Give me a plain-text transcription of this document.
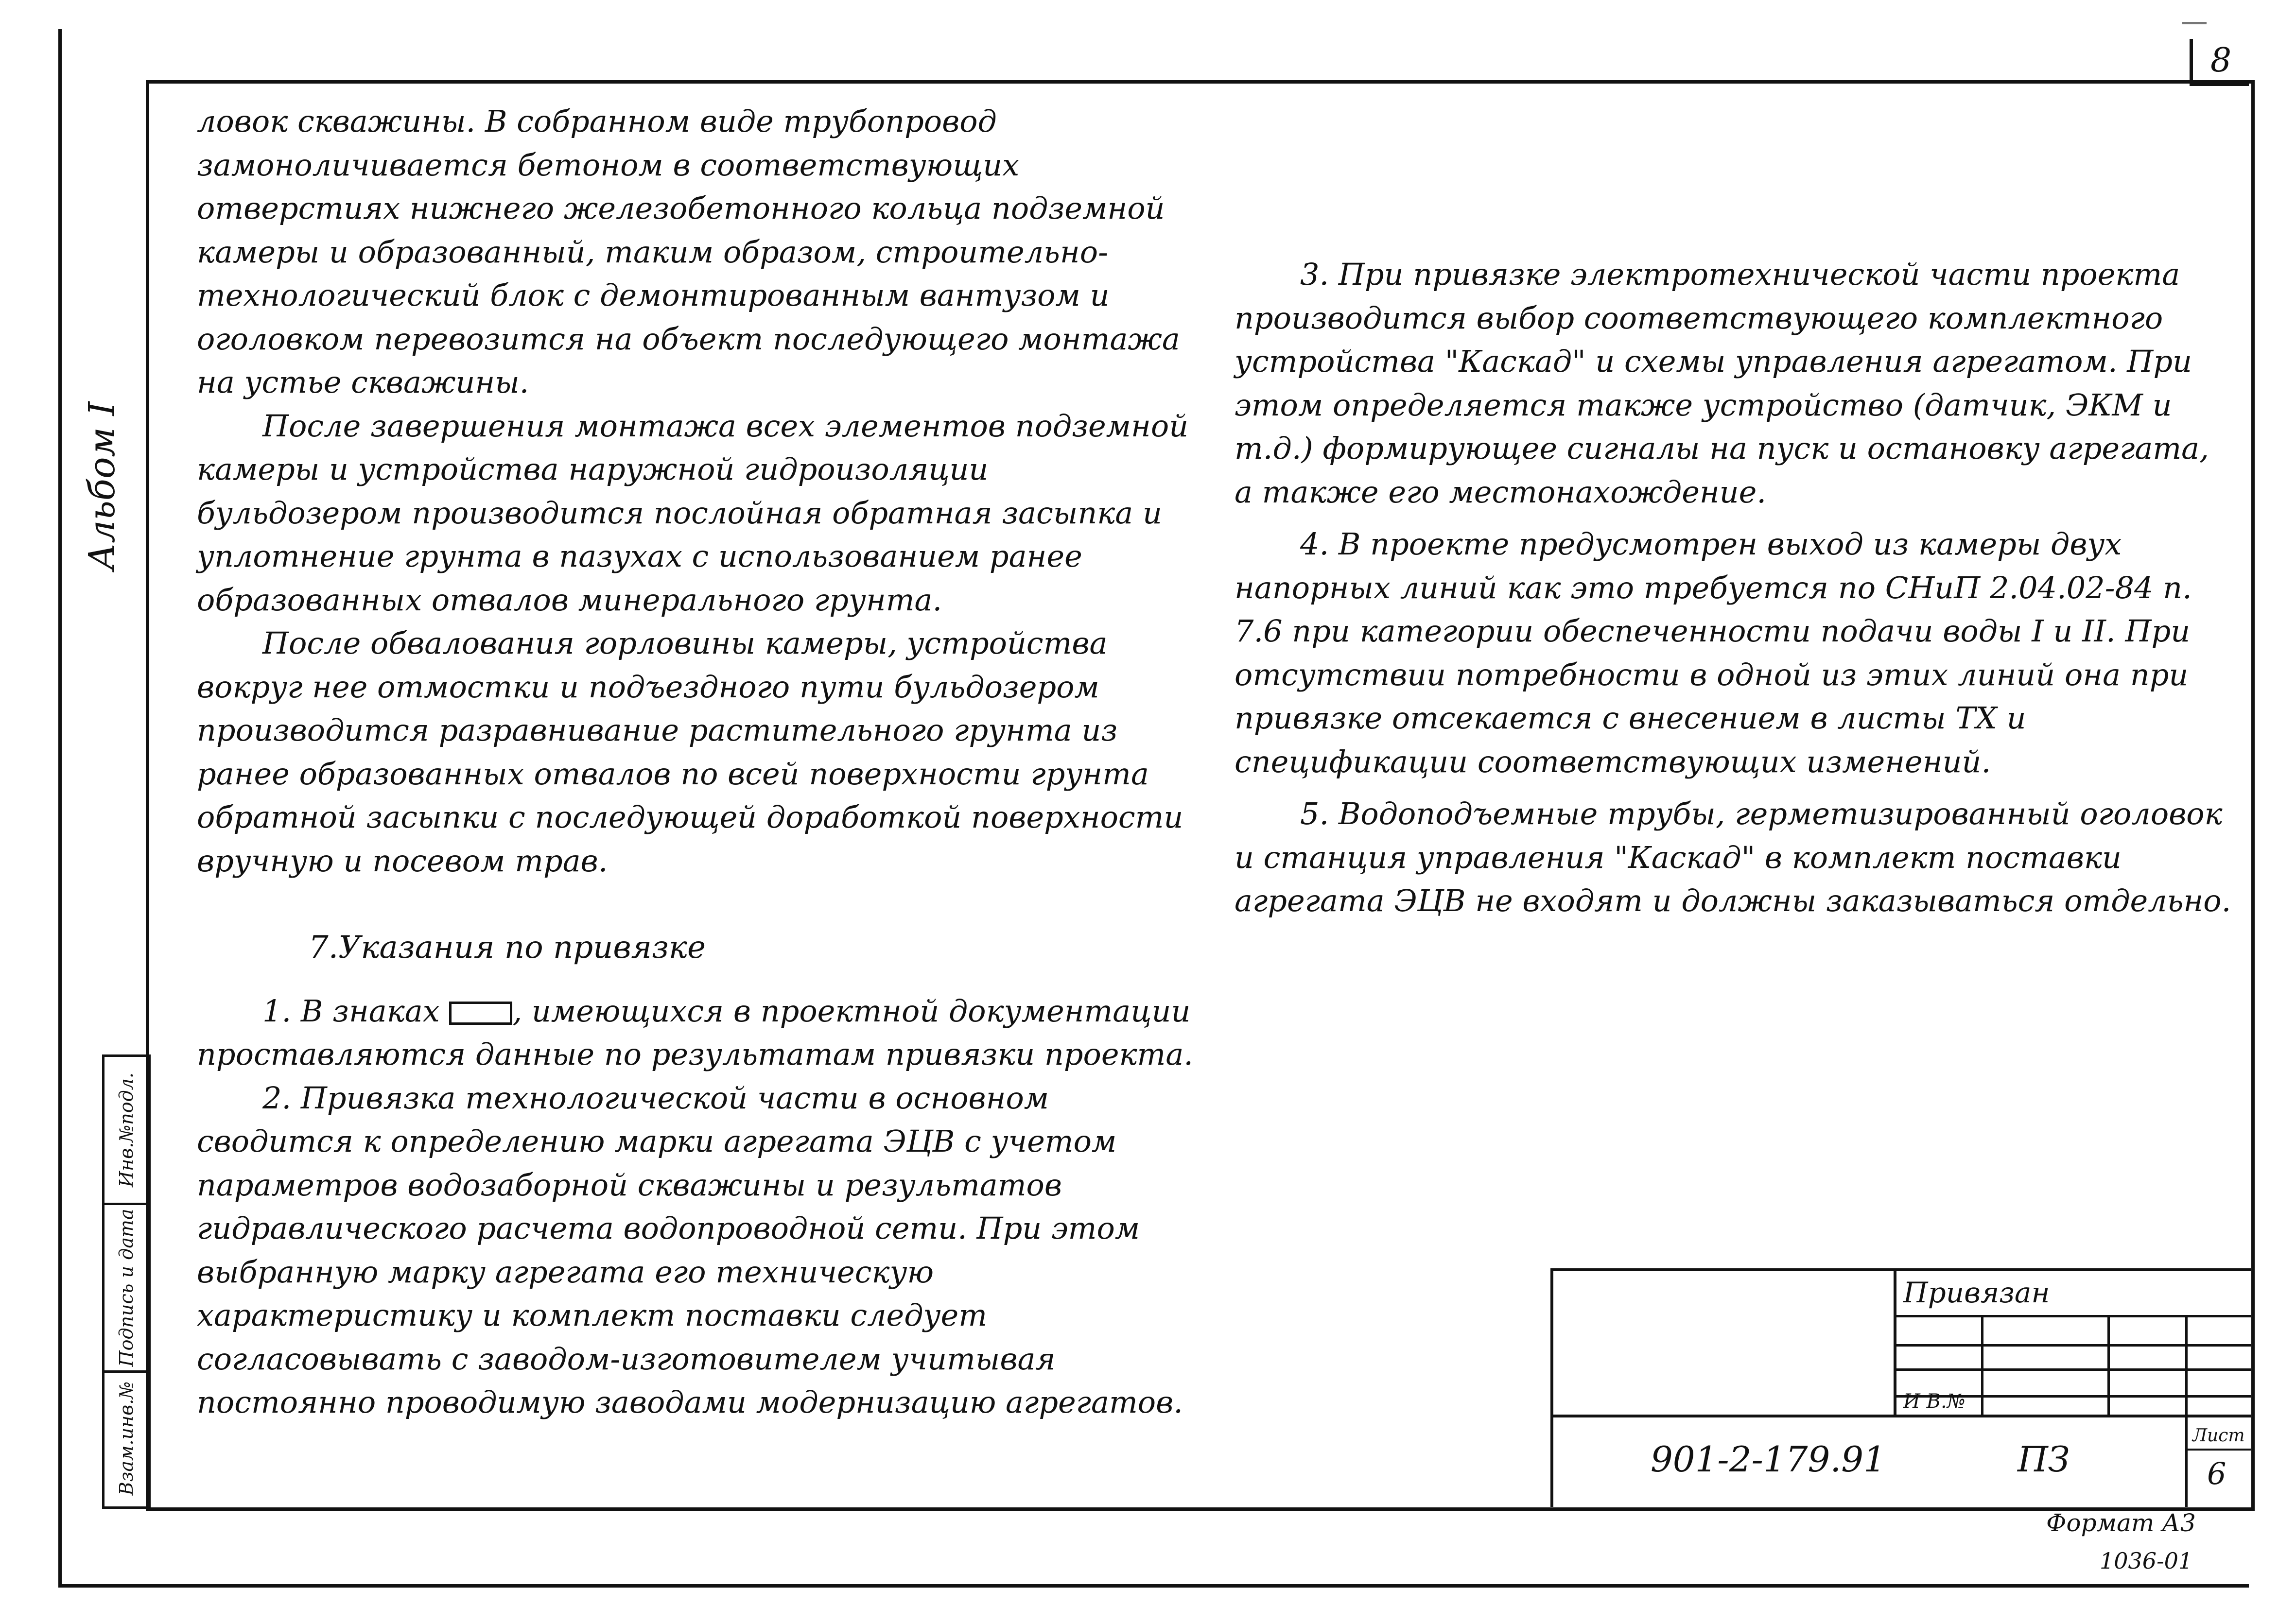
8
Альбом I
Инв.№подл.
Подпись и дата
Взам.инв.№

ловок скважины. В собранном виде трубопровод замоноличивается бетоном в соответствующих отверстиях нижнего железобетонного кольца подземной камеры и образованный, таким образом, строительно-технологический блок с демонтированным вантузом и оголовком перевозится на объект последующего монтажа на устье скважины.

После завершения монтажа всех элементов подземной камеры и устройства наружной гидроизоляции бульдозером производится послойная обратная засыпка и уплотнение грунта в пазухах с использованием ранее образованных отвалов минерального грунта.

После обвалования горловины камеры, устройства вокруг нее отмостки и подъездного пути бульдозером производится разравнивание растительного грунта из ранее образованных отвалов по всей поверхности грунта обратной засыпки с последующей доработкой поверхности вручную и посевом трав.

7.Указания по привязке

1. В знаках , имеющихся в проектной документации проставляются данные по результатам привязки проекта.

2. Привязка технологической части в основном сводится к определению марки агрегата ЭЦВ с учетом параметров водозаборной скважины и результатов гидравлического расчета водопроводной сети. При этом выбранную марку агрегата его техническую характеристику и комплект поставки следует согласовывать с заводом-изготовителем учитывая постоянно проводимую заводами модернизацию агрегатов.

3. При привязке электротехнической части проекта производится выбор соответствующего комплектного устройства "Каскад" и схемы управления агрегатом. При этом определяется также устройство (датчик, ЭКМ и т.д.) формирующее сигналы на пуск и остановку агрегата, а также его местонахождение.

4. В проекте предусмотрен выход из камеры двух напорных линий как это требуется по СНиП 2.04.02-84 п. 7.6 при категории обеспеченности подачи воды I и II. При отсутствии потребности в одной из этих линий она при привязке отсекается с внесением в листы ТХ и спецификации соответствующих изменений.

5. Водоподъемные трубы, герметизированный оголовок и станция управления "Каскад" в комплект поставки агрегата ЭЦВ не входят и должны заказываться отдельно.

Привязан
И В.№
901-2-179.91	ПЗ
Лист
6
Формат А3
1036-01
